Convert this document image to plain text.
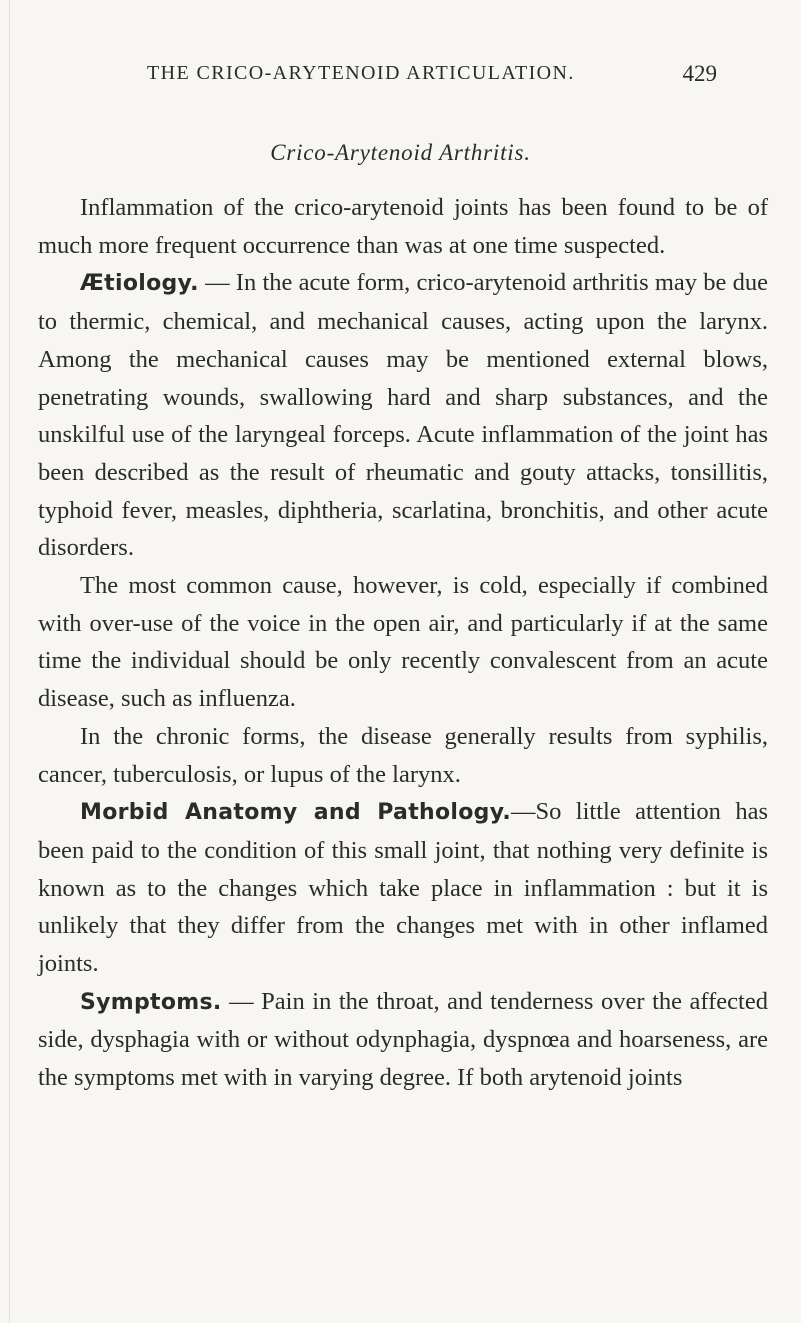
THE CRICO-ARYTENOID ARTICULATION.	429
Crico-Arytenoid Arthritis.

Inflammation of the crico-arytenoid joints has been found to be of much more frequent occurrence than was at one time suspected.

Ætiology. — In the acute form, crico-arytenoid arthritis may be due to thermic, chemical, and mechanical causes, acting upon the larynx. Among the mechanical causes may be mentioned external blows, penetrating wounds, swallowing hard and sharp substances, and the unskilful use of the laryngeal forceps. Acute inflammation of the joint has been described as the result of rheumatic and gouty attacks, tonsillitis, typhoid fever, measles, diphtheria, scarlatina, bronchitis, and other acute disorders.

The most common cause, however, is cold, especially if combined with over-use of the voice in the open air, and particularly if at the same time the individual should be only recently convalescent from an acute disease, such as influenza.

In the chronic forms, the disease generally results from syphilis, cancer, tuberculosis, or lupus of the larynx.

Morbid Anatomy and Pathology.—So little attention has been paid to the condition of this small joint, that nothing very definite is known as to the changes which take place in inflammation : but it is unlikely that they differ from the changes met with in other inflamed joints.

Symptoms. — Pain in the throat, and tenderness over the affected side, dysphagia with or without odynphagia, dyspnœa and hoarseness, are the symptoms met with in varying degree. If both arytenoid joints
